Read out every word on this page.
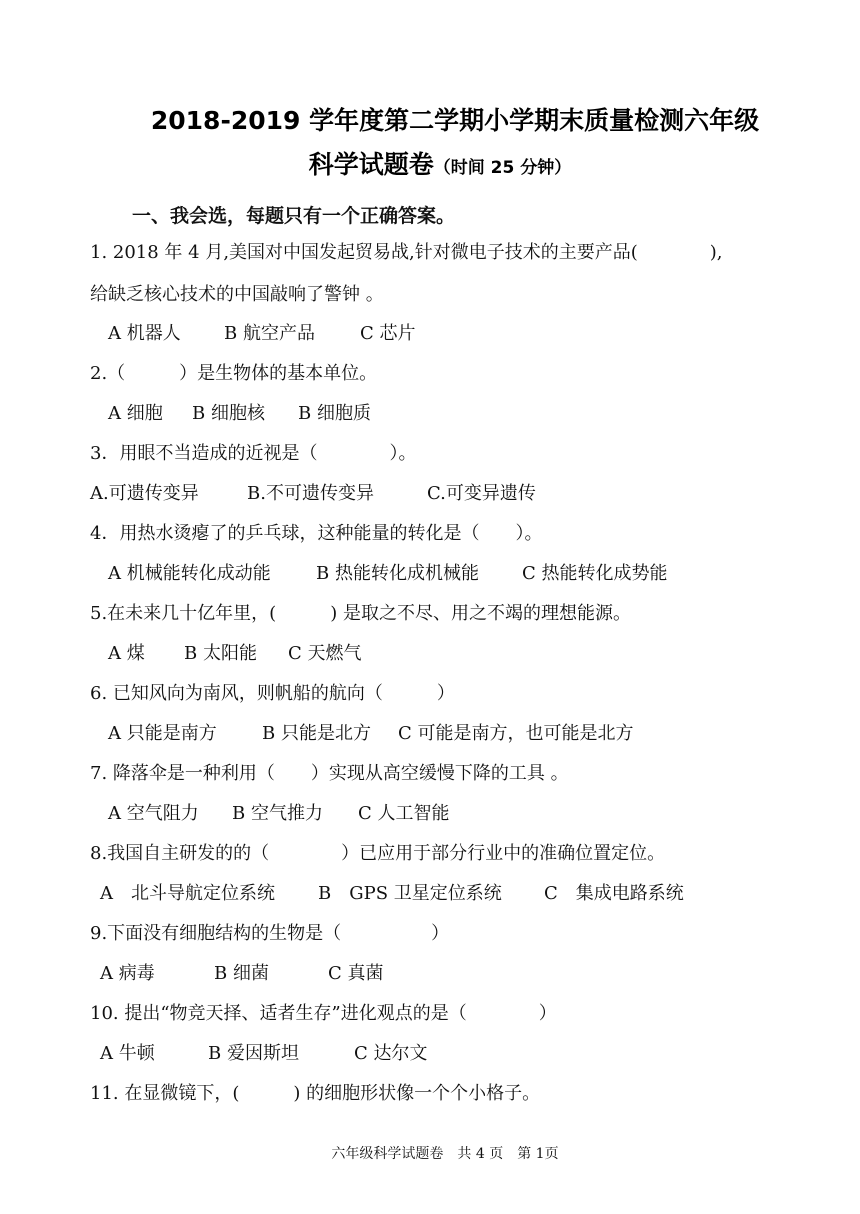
2018-2019 学年度第二学期小学期末质量检测六年级
科学试题卷（时间 25 分钟）
一、我会选，每题只有一个正确答案。
1. 2018 年 4 月,美国对中国发起贸易战,针对微电子技术的主要产品(　　　　),
给缺乏核心技术的中国敲响了警钟 。
A 机器人 B 航空产品	C 芯片
2.（　　　）是生物体的基本单位。
A 细胞 B 细胞核 B 细胞质
3．用眼不当造成的近视是（　　　　）。
A.可遗传变异	B.不可遗传变异	C.可变异遗传
4．用热水烫瘪了的乒乓球，这种能量的转化是（　　）。
A 机械能转化成动能	B 热能转化成机械能 C 热能转化成势能
5.在未来几十亿年里，(　　　) 是取之不尽、用之不竭的理想能源。
A 煤 B 太阳能 C 天燃气
6. 已知风向为南风，则帆船的航向（　　　）
A 只能是南方	B 只能是北方 C 可能是南方，也可能是北方
7. 降落伞是一种利用（　　）实现从高空缓慢下降的工具 。
A 空气阻力 B 空气推力 C 人工智能
8.我国自主研发的的（　　　　）已应用于部分行业中的准确位置定位。
A　北斗导航定位系统 B　GPS 卫星定位系统 C　集成电路系统
9.下面没有细胞结构的生物是（　　　　　）
A 病毒	B 细菌	C 真菌
10. 提出“物竞天择、适者生存”进化观点的是（　　　　）
A 牛顿	B 爱因斯坦	C 达尔文
11. 在显微镜下，(　　　) 的细胞形状像一个个小格子。
六年级科学试题卷　共 4 页　第 1页
